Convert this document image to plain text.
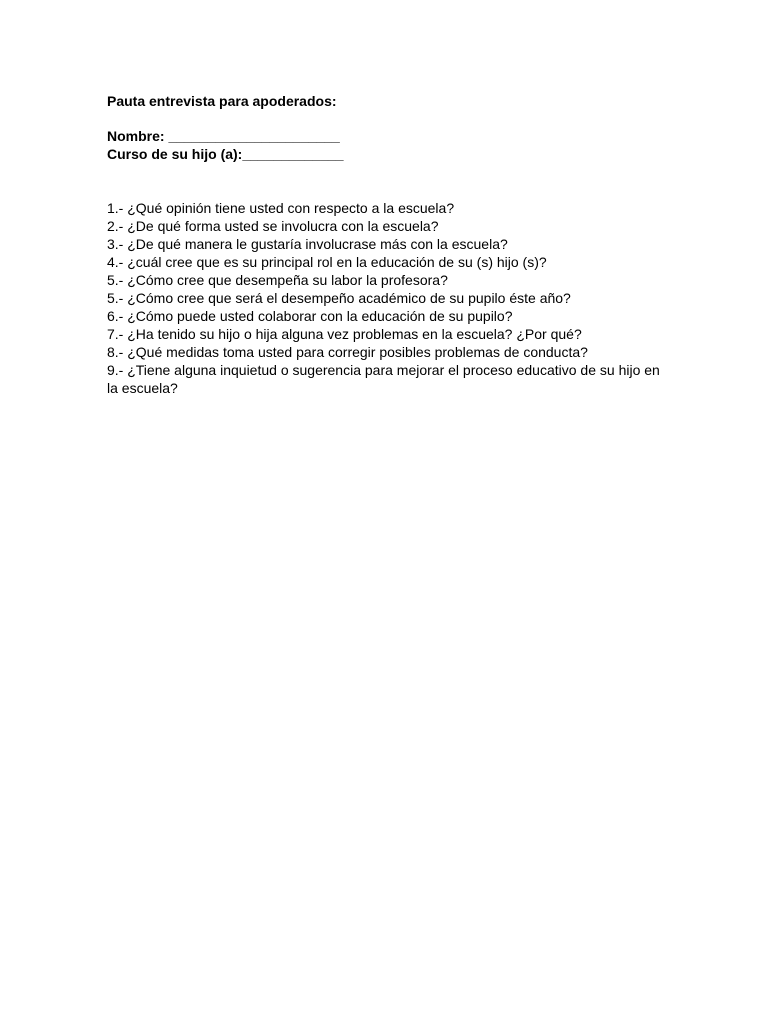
Pauta entrevista para apoderados:
Nombre: ______________________
Curso de su hijo (a):_____________
1.- ¿Qué opinión tiene usted con respecto a la escuela?
2.- ¿De qué forma usted se involucra con la escuela?
3.- ¿De qué manera le gustaría involucrase más con la escuela?
4.- ¿cuál cree que es su principal rol en la educación de su (s) hijo (s)?
5.- ¿Cómo cree que desempeña su labor la profesora?
5.- ¿Cómo cree que será el desempeño académico de su pupilo éste año?
6.- ¿Cómo puede usted colaborar con la educación de su pupilo?
7.- ¿Ha tenido su hijo o hija alguna vez problemas en la escuela? ¿Por qué?
8.- ¿Qué medidas toma usted para corregir posibles problemas de conducta?
9.- ¿Tiene alguna inquietud o sugerencia para mejorar el proceso educativo de su hijo en la escuela?
